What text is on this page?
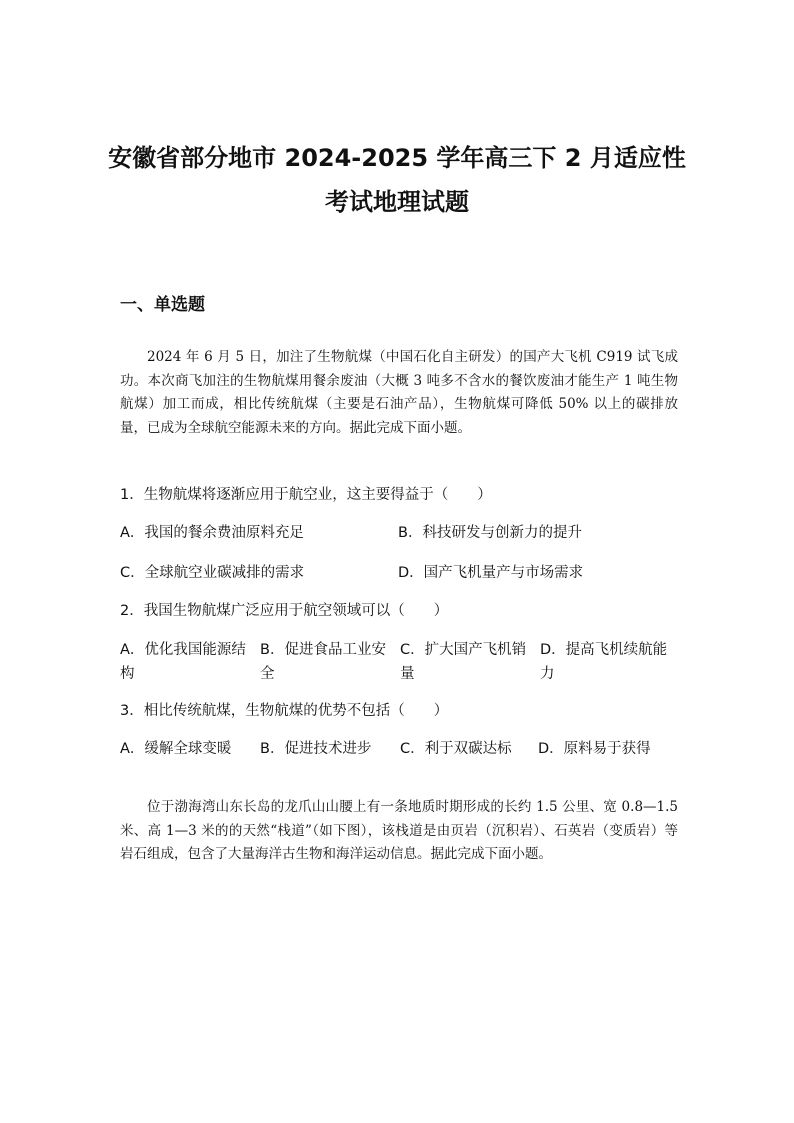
安徽省部分地市 2024-2025 学年高三下 2 月适应性
考试地理试题
一、单选题
2024 年 6 月 5 日，加注了生物航煤（中国石化自主研发）的国产大飞机 C919 试飞成功。本次商飞加注的生物航煤用餐余废油（大概 3 吨多不含水的餐饮废油才能生产 1 吨生物航煤）加工而成，相比传统航煤（主要是石油产品），生物航煤可降低 50% 以上的碳排放量，已成为全球航空能源未来的方向。据此完成下面小题。
1．生物航煤将逐渐应用于航空业，这主要得益于（　　）
A．我国的餐余费油原料充足	B．科技研发与创新力的提升
C．全球航空业碳减排的需求	D．国产飞机量产与市场需求
2．我国生物航煤广泛应用于航空领域可以（　　）
A．优化我国能源结构
B．促进食品工业安全
C．扩大国产飞机销量
D．提高飞机续航能力
3．相比传统航煤，生物航煤的优势不包括（　　）
A．缓解全球变暖 B．促进技术进步 C．利于双碳达标 D．原料易于获得
位于渤海湾山东长岛的龙爪山山腰上有一条地质时期形成的长约 1.5 公里、宽 0.8—1.5 米、高 1—3 米的的天然“栈道”（如下图），该栈道是由页岩（沉积岩）、石英岩（变质岩）等岩石组成，包含了大量海洋古生物和海洋运动信息。据此完成下面小题。
